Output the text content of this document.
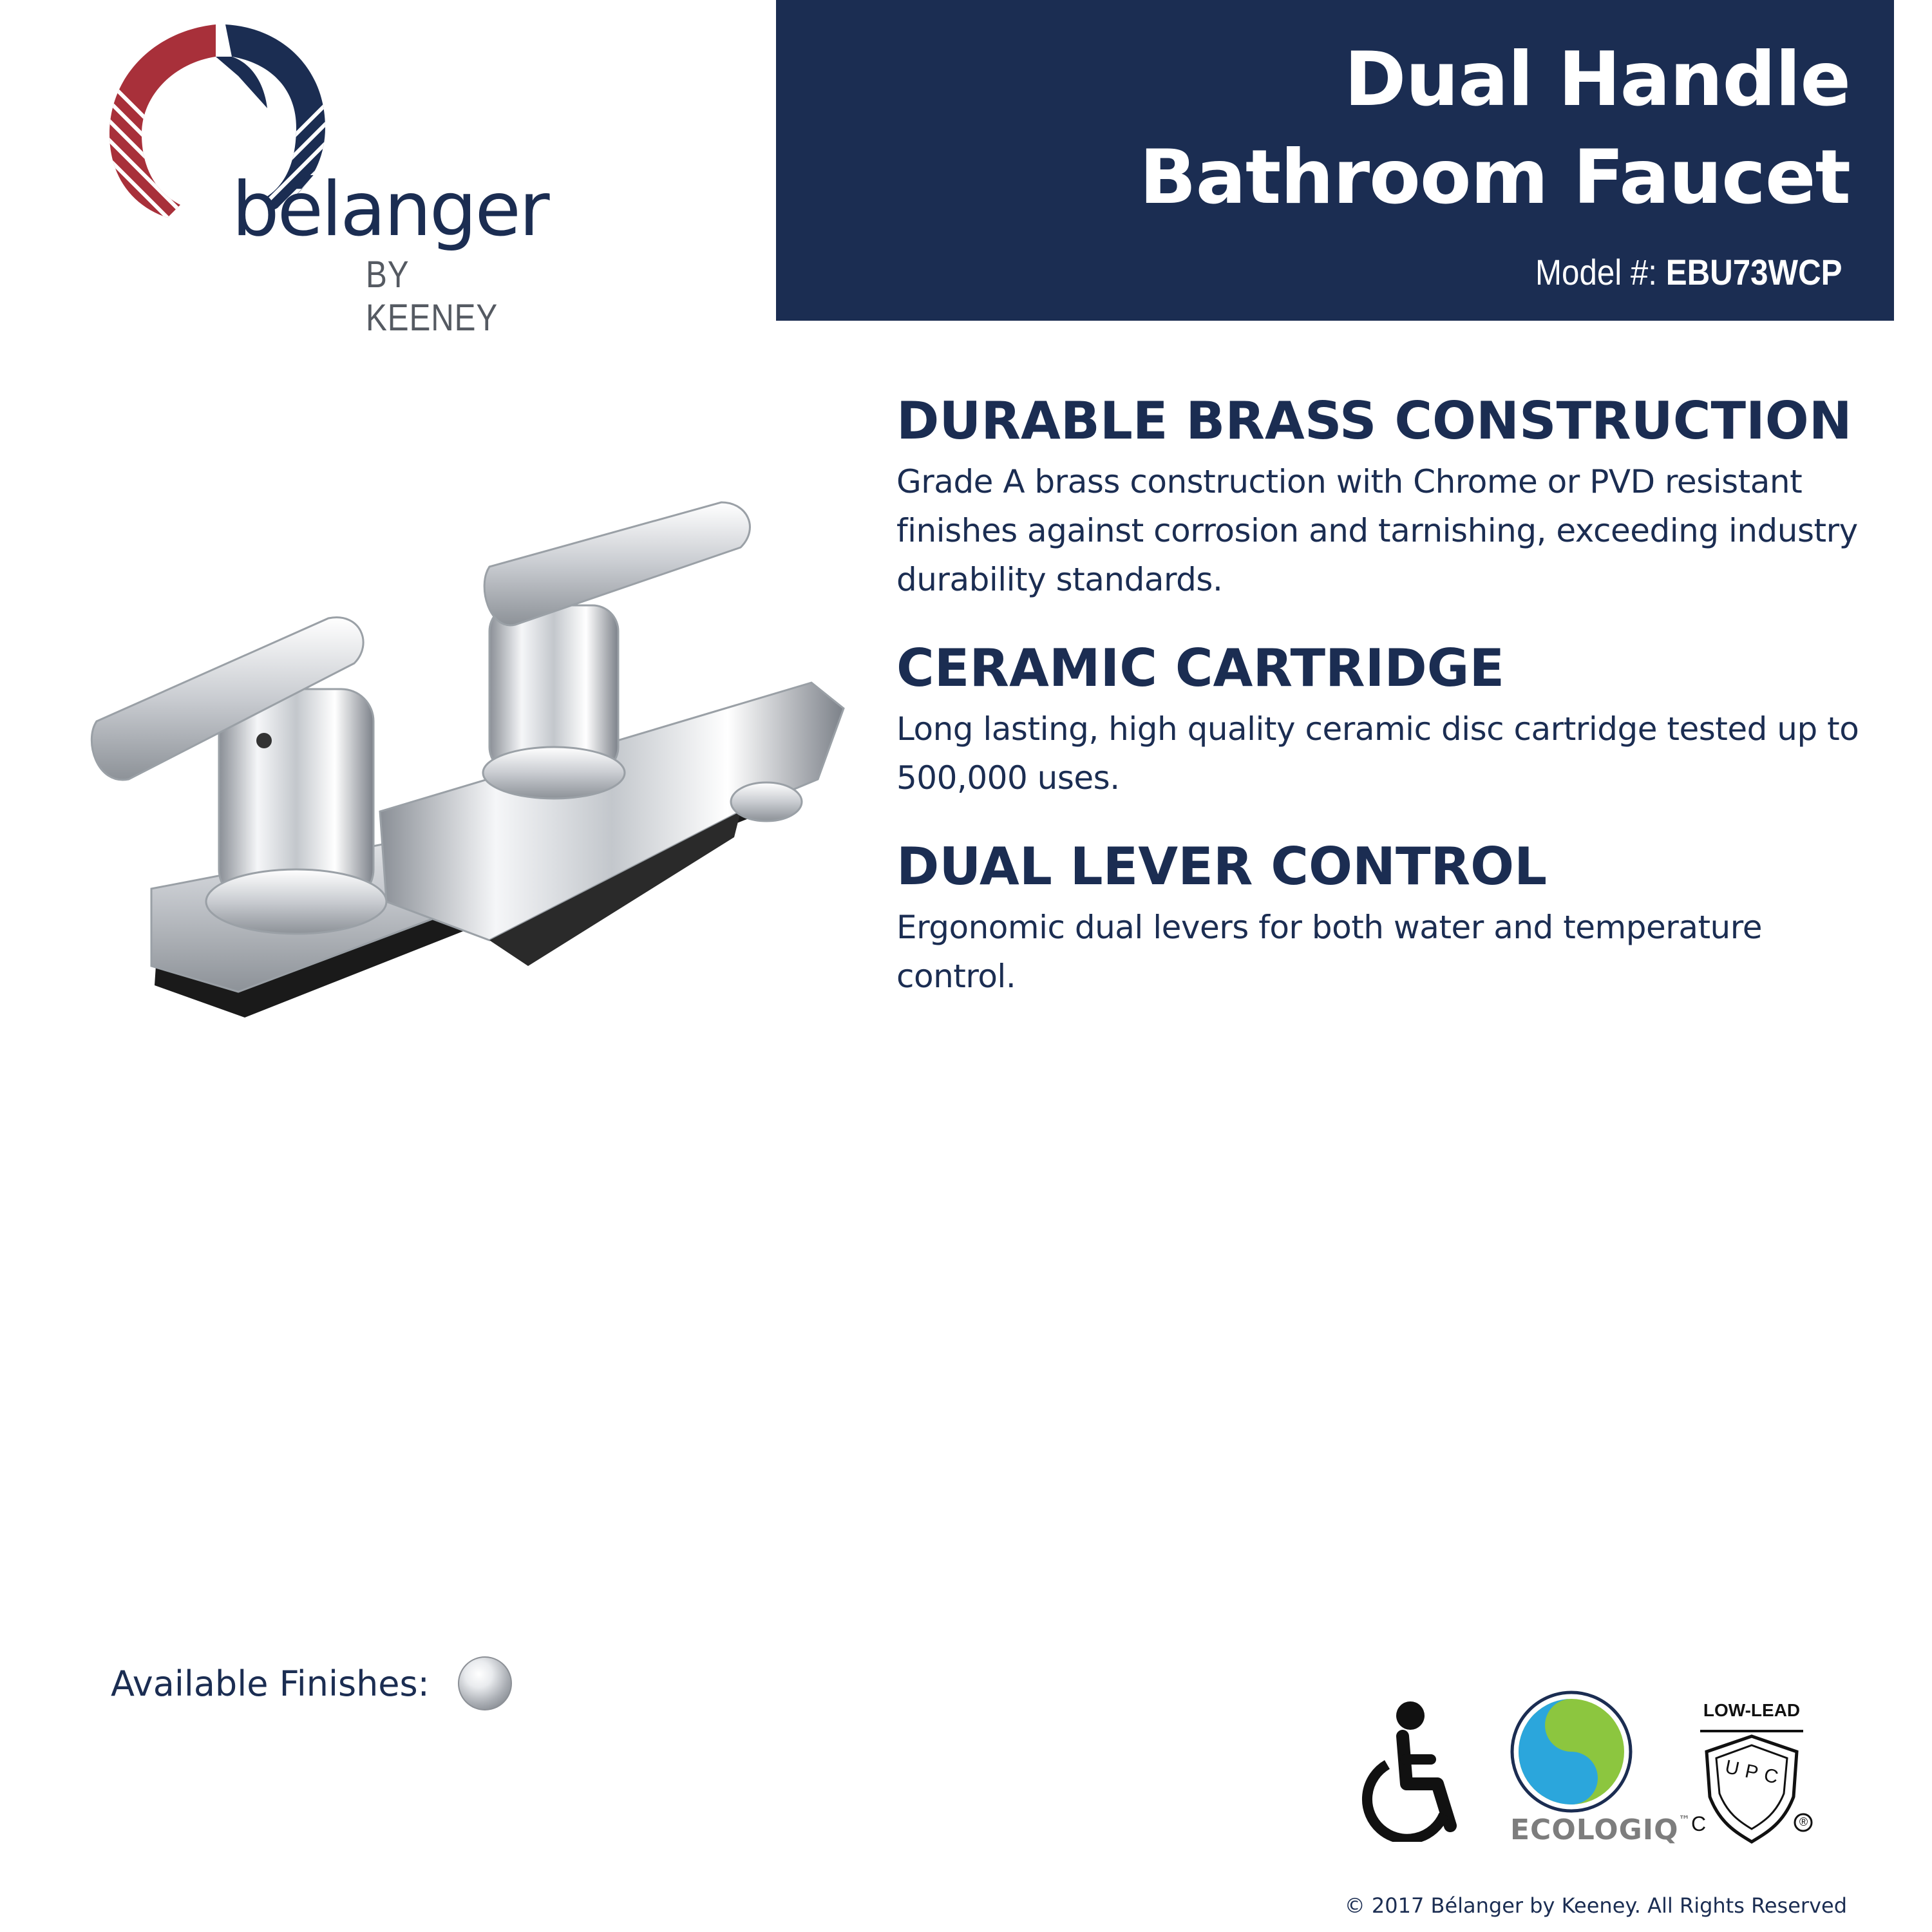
bélanger
BY KEENEY
Dual Handle
Bathroom Faucet
Model #: EBU73WCP
DURABLE BRASS CONSTRUCTION

Grade A brass construction with Chrome or PVD resistant finishes against corrosion and tarnishing, exceeding industry durability standards.

CERAMIC CARTRIDGE

Long lasting, high quality ceramic disc cartridge tested up to 500,000 uses.

DUAL LEVER CONTROL

Ergonomic dual levers for both water and temperature control.

Available Finishes:
ECOLOGIQ™
LOW-LEAD
UPC
C	®
© 2017 Bélanger by Keeney. All Rights Reserved
